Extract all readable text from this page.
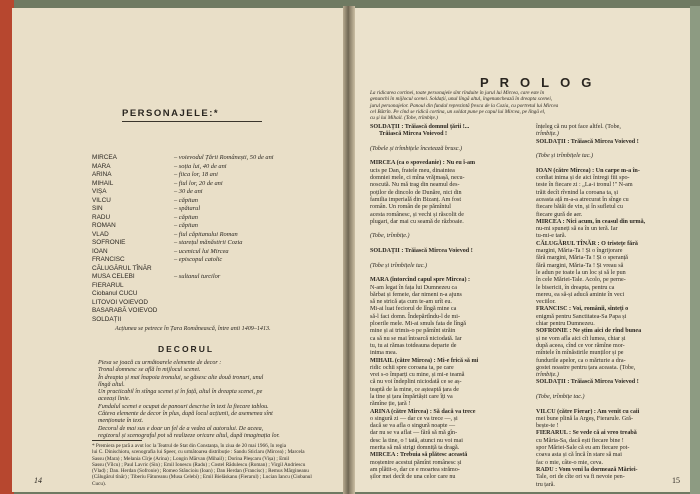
PERSONAJELE:*
MIRCEA	– voievodul Țării Românești, 50 de ani
MARA	– soția lui, 40 de ani
ARINA	– fiica lor, 18 ani
MIHAIL	– fiul lor, 20 de ani
VIȘA	– 30 de ani
VILCU	– căpitan
SIN	– spătarul
RADU	– căpitan
ROMAN	– căpitan
VLAD	– fiul căpitanului Roman
SOFRONIE	– starețul mănăstirii Cozia
IOAN	– ucenicul lui Mircea
FRANCISC	– episcopul catolic
CĂLUGĂRUL TÎNĂR
MUSA CELEBI	– sultanul turcilor
FIERARUL
Ciobanul CUCU
LITOVOI VOIEVOD
BASARABĂ VOIEVOD
SOLDAȚII
Acțiunea se petrece în Țara Românească, între anii 1409–1413.
DECORUL
Piesa se joacă cu următoarele elemente de decor :
Tronul domnesc se află în mijlocul scenei.
În dreapta și mai înapoia tronului, se găsesc alte două tronuri, unul
lîngă altul.
Un practicabil în stînga scenei și în față, altul în dreapta scenei, pe
aceeași linie.
Fundalul scenei e ocupat de panouri descrise în text la fiecare tablou.
Câteva elemente de decor în plus, după locul acțiunii, de asemenea sînt
menționate în text.
Decorul de mai sus e doar un fel de a vedea al autorului. De aceea,
regizorul și scenograful pot să realizeze oricare altul, după imaginația lor.
* Premiera pe țară a avut loc la Teatrul de Stat din Constanța, în ziua de 20 mai 1966, în regia
lui C. Dinischiotu, scenografia lui Speer, cu următoarea distribuție : Sandu Sticlaru (Mircea) ; Marcela
Sassu (Mara) ; Melania Cîrje (Arina) ; Longin Mărvan (Mihail) ; Dorina Pleșcaru (Vișa) ; Emil
Sassu (Vîlcu) ; Paul Lavric (Sin) ; Emil Ionescu (Radu) ; Costel Rădulescu (Roman) ; Virgil Andriescu
(Vlad) ; Dan. Herdan (Sofronie) ; Romeo Stăncioiu (Ioan) ; Dan Herdan (Francisc) ; Remus Mărgineanu
(Călugărul tînăr) ; Tiberiu Fătureanu (Musa Celebi) ; Emil Bielăskanu (Fierarul) ; Lucian Iancu (Ciobanul
Cucu).
14
PROLOG
La ridicarea cortinei, toate personajele sînt rînduite în jurul lui Mircea, care este în
genunchi în mijlocul scenei. Soldații, unul lîngă altul, îngenunchează în dreapta scenei,
jurul personajelor. Panoul din fundal reprezintă fresca de la Cozia, cu portretul lui Mircea
cel Bătrîn. Pe cînd se ridică cortina, un soldat pune pe capul lui Mircea, pe lîngă el,
cu și lui Mihail. (Tobe, trîmbițe.)
SOLDAȚII : Trăiască domnul țării !...
Trăiască Mircea Voievod !
(Tobele și trîmbițele încetează brusc.)
MIRCEA (ca o spovedanie) : Nu eu î-am
ucis pe Dan, fratele meu, dinaintea
domniei mele, ci mîna vrăjmașă, necu-
noscută. Nu mă trag din neamul des-
poților de dincolo de Dunăre, nici din
familia imperială din Bizanț. Am fost
român. Un român de pe pămîntul
acesta românesc, și vechi și răscolit de
plugari, dar mai cu seamă de războaie.
(Tobe, trîmbițe.)
SOLDAȚII : Trăiască Mircea Voievod !
(Tobe și trîmbițele tac.)
MARA (întorcînd capul spre Mircea) :
N-am legat în fața lui Dumnezeu ca
bărbat și femeie, dar nimeni n-a ajuns
să ne strică ața cum te-am urît eu.
Mi-ai luat feciorul de lîngă mine ca
să-l faci domn. Îndepărtîndu-l de mi-
ploerile mele. Mi-ai smuls fata de lîngă
mine și ai trimis-o pe pămînt străin
ca să nu se mai întoarcă niciodată. Iar
tu, tu ai rămas totdeauna departe de
inima mea.
MIHAIL (către Mircea) : Mi-e frică să mi
ridic ochii spre coroana ta, pe care
vrei s-o împarți cu mine, și mi-e teamă
că nu voi îndeplini niciodată ce se aș-
teaptă de la mine, ce așteaptă țara de
la tine și țara împărtășit care îți va
rămîne ție, țară !
ARINA (către Mircea) : Să dacă va trece
o singură zi — dar ce va trece —, și
dacă se va afla o singură noapte —
dar nu se va aflat — fără să mă gîn-
desc la tine, o ! tată, atunci nu voi mai
merita să mă strigi domniță ta dragă.
MIRCEA : Trebuia să plătesc această
moștenire acestui pămînt românesc și
am plătit-o, dar ce e moartea strămo-
șilor mei decît de una celor care nu
înțeleg că nu pot face altfel. (Tobe,
trîmbițe.)
SOLDAȚII : Trăiască Mircea Voievod !
(Tobe și trîmbițele tac.)
IOAN (către Mircea) : Un carpe m-a în-
cordiat inima și de aici întregi fiii spo-
teste în fiecare zi : „La-i tronul !" N-am
trăit decît rîvnind la coroana ta, și
aceasta ață m-a-a atrecurat în sînge cu
fiecare bătăi de vin, și în sufletul cu
fiecare gură de aer.
MIRCEA : Nici acum, în ceasul din urmă,
nu-mi spuneți să ea în un teră. Iar
tu-mi-e tară.
CĂLUGĂRUL TÎNĂR : O tristețe fără
margini, Măria-Ta ! Și o îngrijorare
fără margini, Măria-Ta ! Și o speranță
fără margini, Măria-Ta ! Și vreau să
le adun pe toate la un loc și să le pun
în cele Măriei-Tale. Acolo, pe perne-
le bisericii, în dreapta, pentru ca
mereu, ea să-și aducă aminte în veci
veciilor.
FRANCISC : Voi, românii, sînteți o
enigmă pentru Sanctitatea-Sa Papa și
chiar pentru Dumnezeu.
SOFRONIE : Ne știm aici de rînd bunea
și ne vom afla aici cît lumea, chiar și
după aceea, cînd ce vor rămîne mor-
mîntele în mînăstirile munților și pe
fundurile apelor, ca o mărturie a dra-
gostei noastre pentru țara aceasta. (Tobe,
trîmbițe.)
SOLDAȚII : Trăiască Mircea Voievod !
(Tobe, trîmbițe tac.)
VILCU (către Fierar) : Am venit cu caii
mei bune plină la Argeș, Fierarule. Gră-
bește-te !
FIERARUL : Se vede că ai vreo treabă
cu Măria-Sa, dacă ești fiecare bine !
spor Măriei-Sale că eu am fiecare pot-
coava asta și că încă în stare să mai
fac o mie, câte-o mie, ceva.
RADU : Vom veni la dormează Măriei-
Tale, ori de cîte ori va fi nevoie pen-
tru țară.	15
